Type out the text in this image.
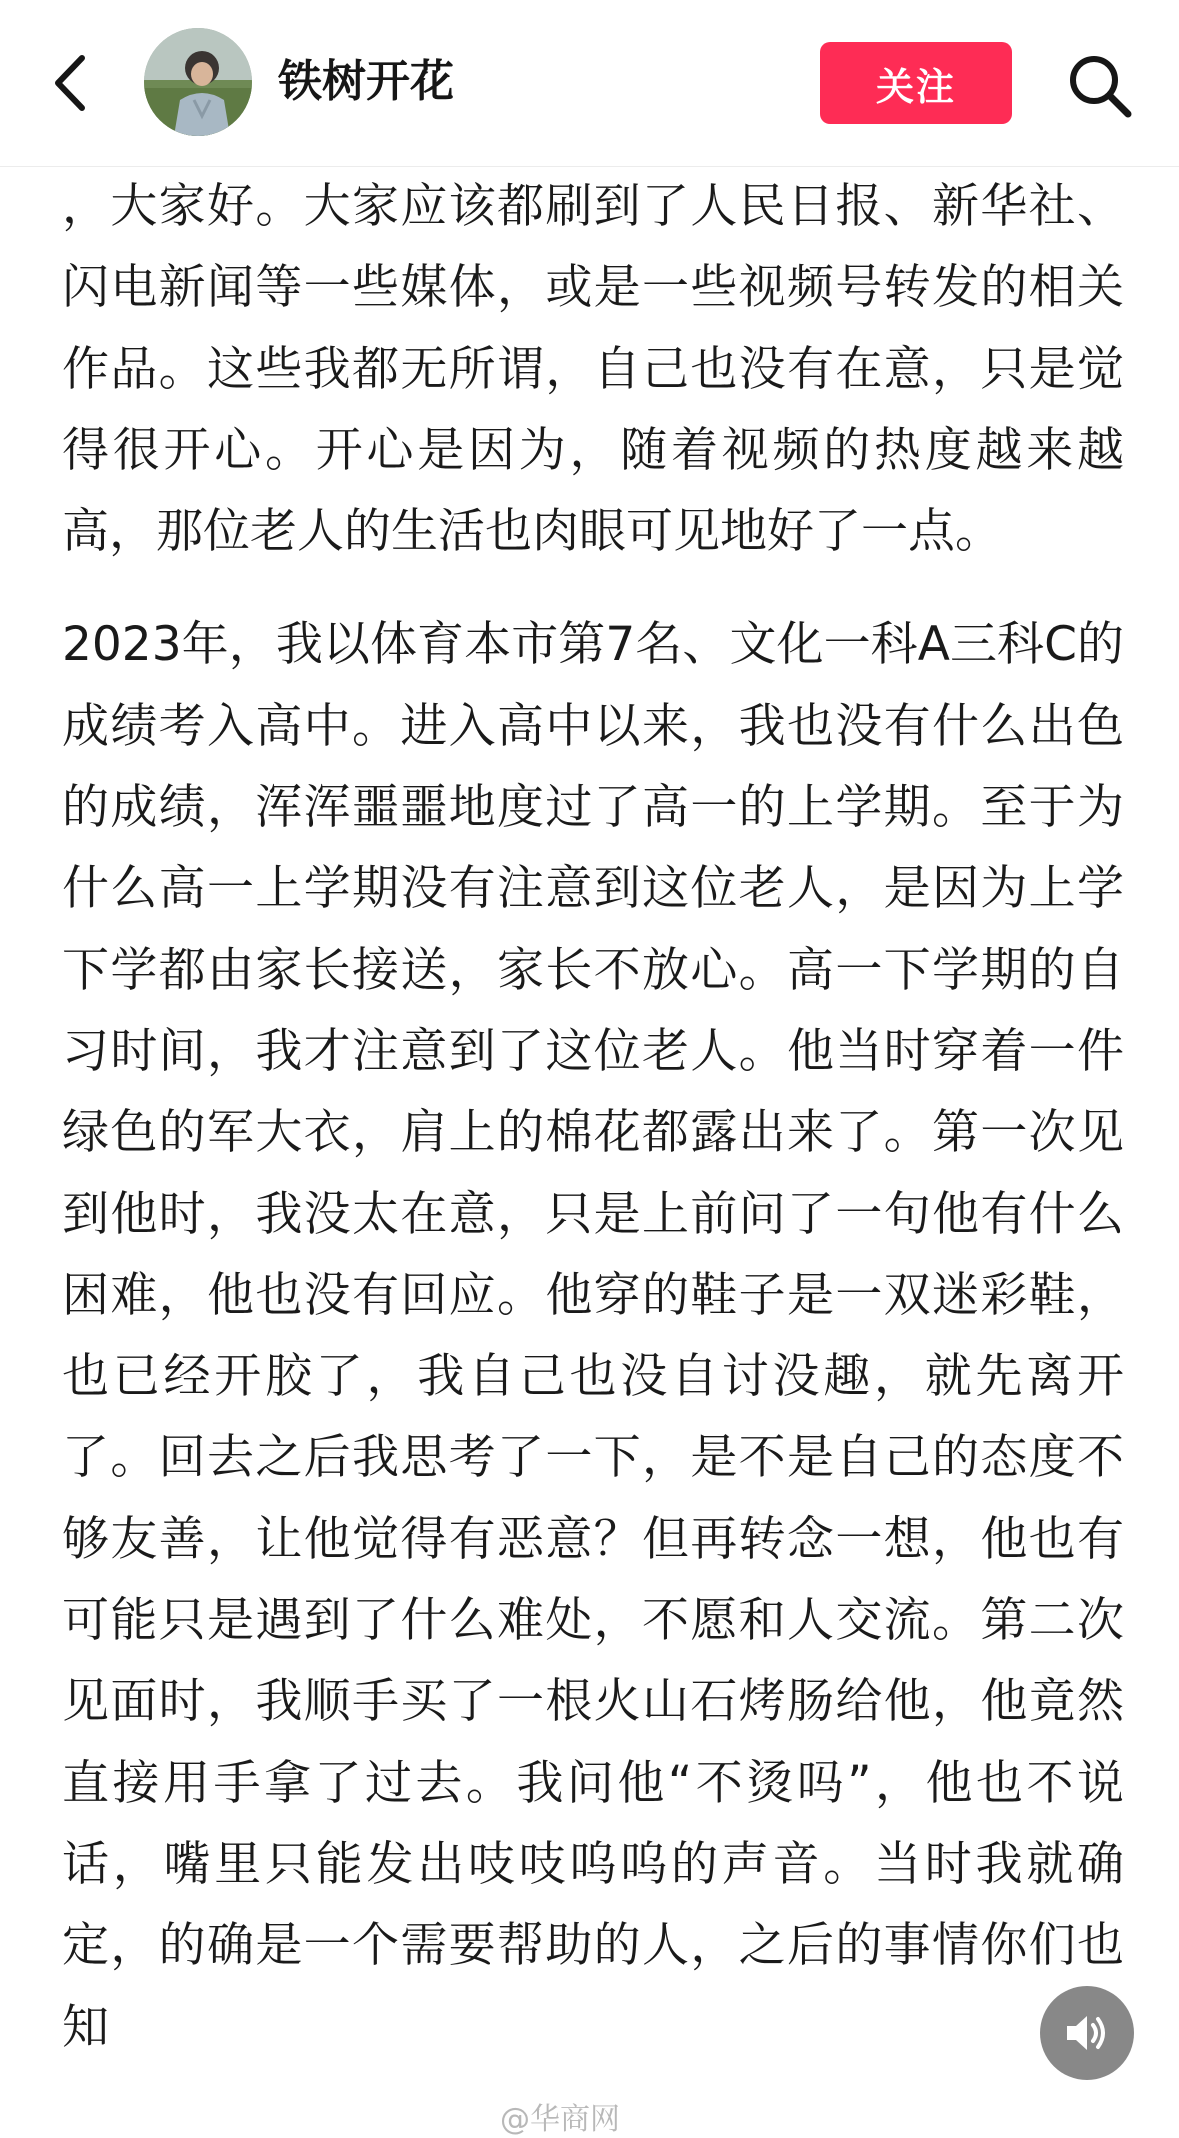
铁树开花	关注

，大家好。大家应该都刷到了人民日报、新华社、闪电新闻等一些媒体，或是一些视频号转发的相关作品。这些我都无所谓，自己也没有在意，只是觉得很开心。开心是因为，随着视频的热度越来越高，那位老人的生活也肉眼可见地好了一点。

2023年，我以体育本市第7名、文化一科A三科C的成绩考入高中。进入高中以来，我也没有什么出色的成绩，浑浑噩噩地度过了高一的上学期。至于为什么高一上学期没有注意到这位老人，是因为上学下学都由家长接送，家长不放心。高一下学期的自习时间，我才注意到了这位老人。他当时穿着一件绿色的军大衣，肩上的棉花都露出来了。第一次见到他时，我没太在意，只是上前问了一句他有什么困难，他也没有回应。他穿的鞋子是一双迷彩鞋，也已经开胶了，我自己也没自讨没趣，就先离开了。回去之后我思考了一下，是不是自己的态度不够友善，让他觉得有恶意？但再转念一想，他也有可能只是遇到了什么难处，不愿和人交流。第二次见面时，我顺手买了一根火山石烤肠给他，他竟然直接用手拿了过去。我问他“不烫吗”，他也不说话，嘴里只能发出吱吱呜呜的声音。当时我就确定，的确是一个需要帮助的人，之后的事情你们也知

@华商网
